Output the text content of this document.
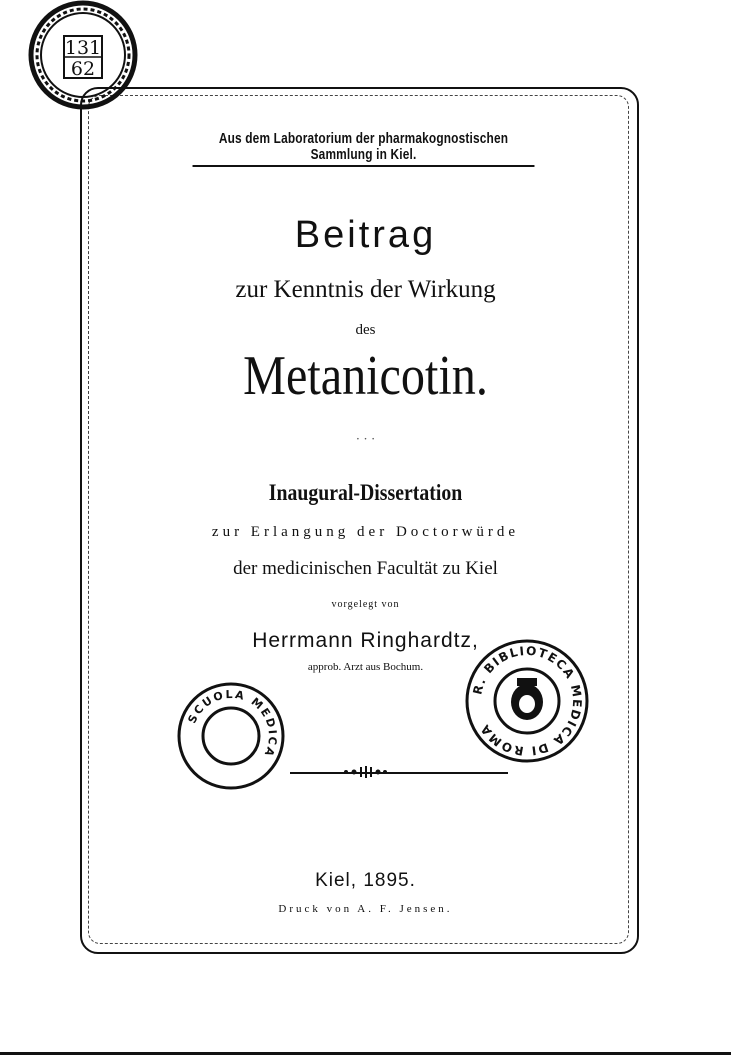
Aus dem Laboratorium der pharmakognostischen Sammlung in Kiel.
Beitrag
zur Kenntnis der Wirkung
des
Metanicotin.
· · ·
Inaugural-Dissertation
zur Erlangung der Doctorwürde
der medicinischen Facultät zu Kiel
vorgelegt von
Herrmann Ringhardtz,
approb. Arzt aus Bochum.
Kiel, 1895.
Druck von A. F. Jensen.
131
62
SCUOLA MEDICA
R. BIBLIOTECA MEDICA DI ROMA
